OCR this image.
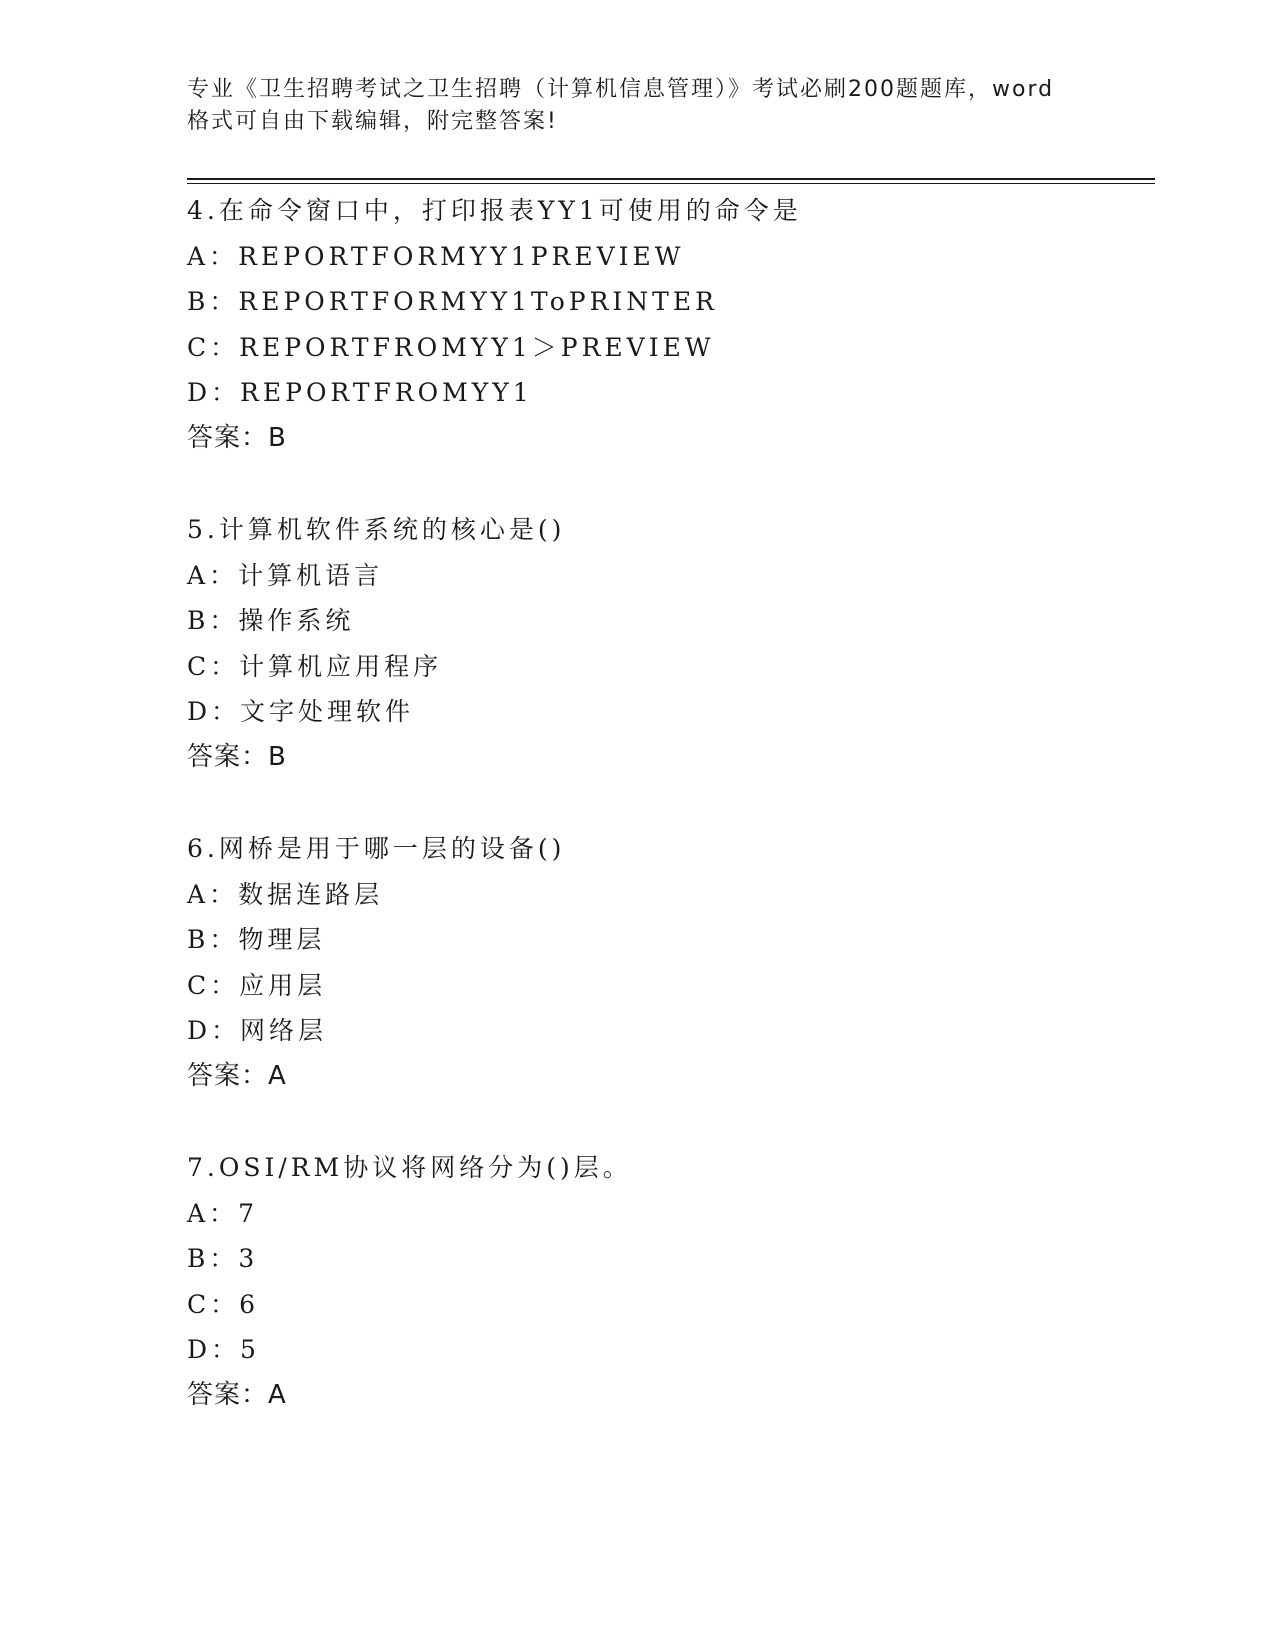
专业《卫生招聘考试之卫生招聘（计算机信息管理）》考试必刷200题题库，word
格式可自由下载编辑，附完整答案!
4.在命令窗口中，打印报表YY1可使用的命令是
A：REPORTFORMYY1PREVIEW
B：REPORTFORMYY1ToPRINTER
C：REPORTFROMYY1＞PREVIEW
D：REPORTFROMYY1
答案：B
5.计算机软件系统的核心是()
A：计算机语言
B：操作系统
C：计算机应用程序
D：文字处理软件
答案：B
6.网桥是用于哪一层的设备()
A：数据连路层
B：物理层
C：应用层
D：网络层
答案：A
7.OSI/RM协议将网络分为()层。
A：7
B：3
C：6
D：5
答案：A
